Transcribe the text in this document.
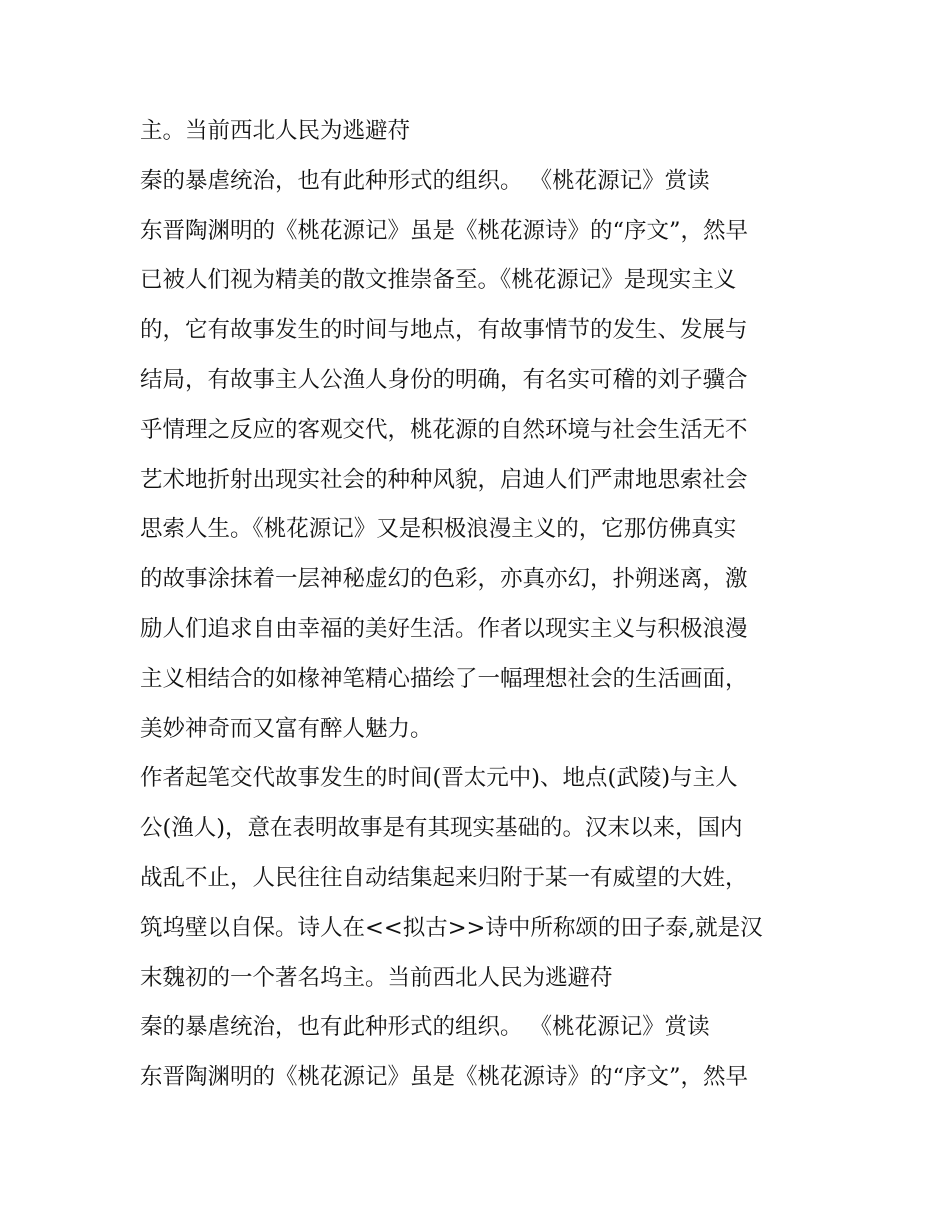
主。当前西北人民为逃避苻
秦的暴虐统治，也有此种形式的组织。 《桃花源记》赏读
东晋陶渊明的《桃花源记》虽是《桃花源诗》的“序文”，然早
已被人们视为精美的散文推崇备至。《桃花源记》是现实主义
的，它有故事发生的时间与地点，有故事情节的发生、发展与
结局，有故事主人公渔人身份的明确，有名实可稽的刘子骥合
乎情理之反应的客观交代，桃花源的自然环境与社会生活无不
艺术地折射出现实社会的种种风貌，启迪人们严肃地思索社会
思索人生。《桃花源记》又是积极浪漫主义的，它那仿佛真实
的故事涂抹着一层神秘虚幻的色彩，亦真亦幻，扑朔迷离，激
励人们追求自由幸福的美好生活。作者以现实主义与积极浪漫
主义相结合的如椽神笔精心描绘了一幅理想社会的生活画面，
美妙神奇而又富有醉人魅力。
作者起笔交代故事发生的时间(晋太元中)、地点(武陵)与主人
公(渔人)，意在表明故事是有其现实基础的。汉末以来，国内
战乱不止，人民往往自动结集起来归附于某一有威望的大姓，
筑坞壁以自保。诗人在<<拟古>>诗中所称颂的田子泰,就是汉
末魏初的一个著名坞主。当前西北人民为逃避苻
秦的暴虐统治，也有此种形式的组织。 《桃花源记》赏读
东晋陶渊明的《桃花源记》虽是《桃花源诗》的“序文”，然早
